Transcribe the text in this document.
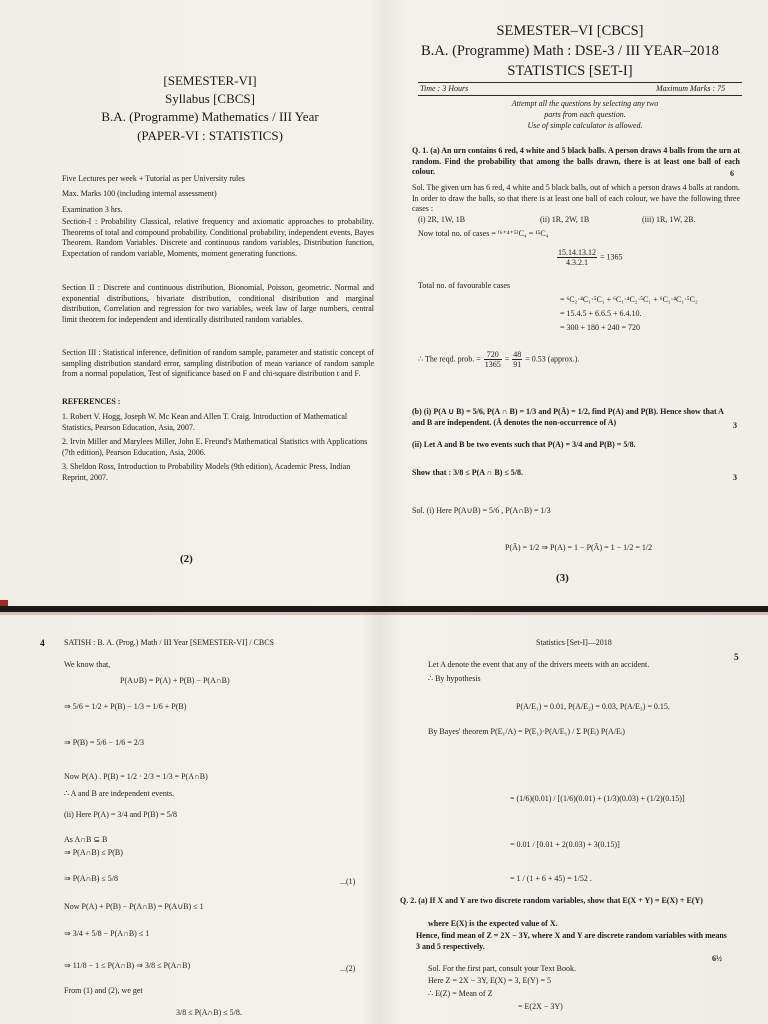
[SEMESTER-VI]
Syllabus [CBCS]
B.A. (Programme) Mathematics / III Year
(PAPER-VI : STATISTICS)
Five Lectures per week + Tutorial as per University rules
Max. Marks 100 (including internal assessment)
Examination 3 hrs.
Section-I : Probability Classical, relative frequency and axiomatic approaches to probability. Theorems of total and compound probability. Conditional probability, independent events, Bayes Theorem. Random Variables. Discrete and continuous random variables, Distribution function, Expectation of random variable, Moments, moment generating functions.
Section II : Discrete and continuous distribution, Bionomial, Poisson, geometric. Normal and exponential distributions, bivariate distribution, conditional distribution and marginal distribution, Correlation and regression for two variables, week law of large numbers, central limit theorem for independent and identically distributed random variables.
Section III : Statistical inference, definition of random sample, parameter and statistic concept of sampling distribution standard error, sampling distribution of mean variance of random sample from a normal population, Test of significance based on F and chi-square distribution t and F.
REFERENCES :
1. Robert V. Hogg, Joseph W. Mc Kean and Allen T. Craig. Introduction of Mathematical Statistics, Pearson Education, Asia, 2007.
2. Irvin Miller and Marylees Miller, John E. Freund's Mathematical Statistics with Applications (7th edition), Pearson Education, Asia, 2006.
3. Sheldon Ross, Introduction to Probability Models (9th edition), Academic Press, Indian Reprint, 2007.
(2)
SEMESTER–VI [CBCS]
B.A. (Programme) Math : DSE-3 / III YEAR–2018
STATISTICS [SET-I]
Time : 3 Hours	Maximum Marks : 75
Attempt all the questions by selecting any two
parts from each question.
Use of simple calculator is allowed.
Q. 1. (a) An urn contains 6 red, 4 white and 5 black balls. A person draws 4 balls from the urn at random. Find the probability that among the balls drawn, there is at least one ball of each colour.	6
Sol. The given urn has 6 red, 4 white and 5 black balls, out of which a person draws 4 balls at random. In order to draw the balls, so that there is at least one ball of each colour, we have the following three cases :
(i) 2R, 1W, 1B	(ii) 1R, 2W, 1B	(iii) 1R, 1W, 2B.
Now total no. of cases = ⁽⁶⁺⁴⁺⁵⁾C₄ = ¹⁵C₄
$\frac{15.14.13.12}{4.3.2.1} = 1365$
Total no. of favourable cases
= ⁶C₂·⁴C₁·⁵C₁ + ⁶C₁·⁴C₂·⁵C₁ + ⁶C₁·⁴C₁·⁵C₂
= 15.4.5 + 6.6.5 + 6.4.10.
= 300 + 180 + 240 = 720
∴ The reqd. prob. = $\frac{720}{1365} = \frac{48}{91} = 0.53$ (approx.).
(b) (i) P(A ∪ B) = 5/6, P(A ∩ B) = 1/3 and P(Ā) = 1/2, find P(A) and P(B). Hence show that A and B are independent. (Ā denotes the non-occurrence of A)	3
(ii) Let A and B be two events such that P(A) = 3/4 and P(B) = 5/8.
Show that : 3/8 ≤ P(A ∩ B) ≤ 5/8.
3
Sol. (i) Here P(A∪B) = 5/6 , P(A∩B) = 1/3
P(Ā) = 1/2 ⇒ P(A) = 1 − P(Ā) = 1 − 1/2 = 1/2
(3)
4 SATISH : B. A. (Prog.) Math / III Year [SEMESTER-VI] / CBCS
We know that,
P(A∪B) = P(A) + P(B) − P(A∩B)
⇒ 5/6 = 1/2 + P(B) − 1/3 = 1/6 + P(B)
⇒ P(B) = 5/6 − 1/6 = 2/3
Now P(A) . P(B) = 1/2 · 2/3 = 1/3 = P(A∩B)
∴ A and B are independent events.
(ii) Here P(A) = 3/4 and P(B) = 5/8
As A∩B ⊆ B
⇒ P(A∩B) ≤ P(B)
⇒ P(A∩B) ≤ 5/8	...(1)
Now P(A) + P(B) − P(A∩B) = P(A∪B) ≤ 1
⇒ 3/4 + 5/8 − P(A∩B) ≤ 1
⇒ 11/8 − 1 ≤ P(A∩B) ⇒ 3/8 ≤ P(A∩B)	...(2)
From (1) and (2), we get
3/8 ≤ P(A∩B) ≤ 5/8.
Statistics [Set-I]—2018
5
Let A denote the event that any of the drivers meets with an accident.
∴ By hypothesis
P(A/E₁) = 0.01, P(A/E₂) = 0.03, P(A/E₃) = 0.15.
By Bayes' theorem P(E₁/A) = P(E₁)·P(A/E₁) / Σ P(Eᵢ) P(A/Eᵢ)
= (1/6)(0.01) / [(1/6)(0.01) + (1/3)(0.03) + (1/2)(0.15)]
= 0.01 / [0.01 + 2(0.03) + 3(0.15)]
= 1 / (1 + 6 + 45) = 1/52 .
Q. 2. (a) If X and Y are two discrete random variables, show that E(X + Y) = E(X) + E(Y)
where E(X) is the expected value of X.
Hence, find mean of Z = 2X − 3Y, where X and Y are discrete random variables with means 3 and 5 respectively.
6½
Sol. For the first part, consult your Text Book.
Here Z = 2X − 3Y, E(X) = 3, E(Y) = 5
∴ E(Z) = Mean of Z
= E(2X − 3Y)
